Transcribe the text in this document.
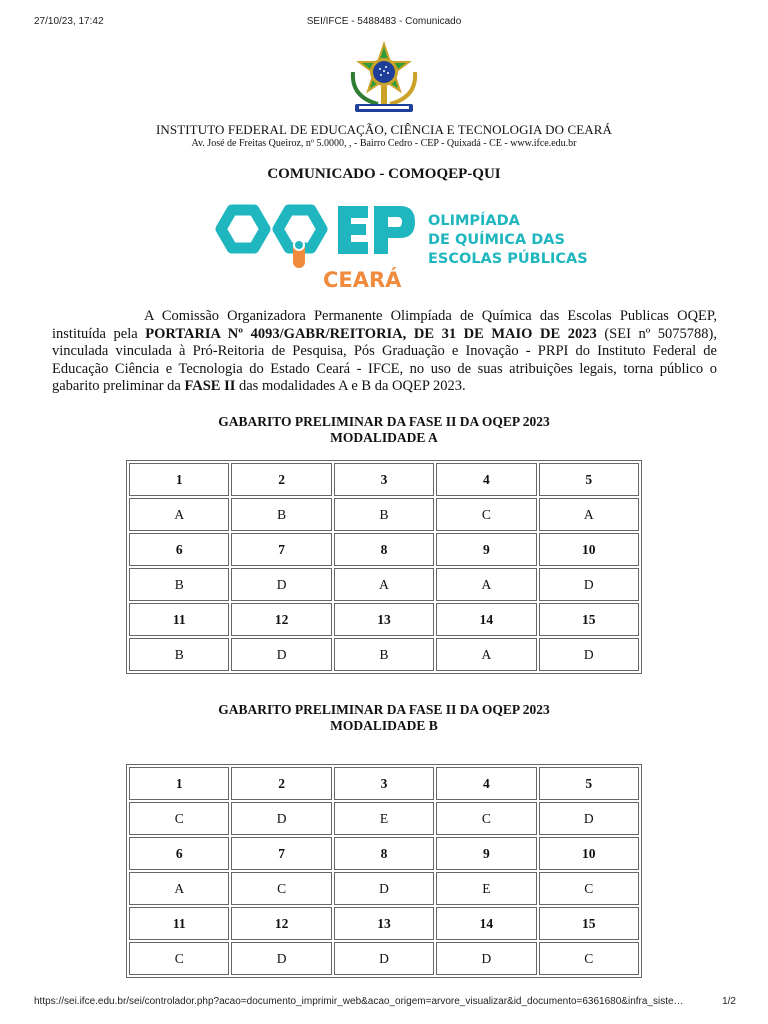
27/10/23, 17:42	SEI/IFCE - 5488483 - Comunicado
INSTITUTO FEDERAL DE EDUCAÇÃO, CIÊNCIA E TECNOLOGIA DO CEARÁ
Av. José de Freitas Queiroz, nº 5.0000, , - Bairro Cedro - CEP - Quixadá - CE - www.ifce.edu.br
COMUNICADO - COMOQEP-QUI
CEARÁ
OLIMPÍADA
DE QUÍMICA DAS
ESCOLAS PÚBLICAS
A Comissão Organizadora Permanente Olimpíada de Química das Escolas Publicas OQEP, instituída pela PORTARIA Nº 4093/GABR/REITORIA, DE 31 DE MAIO DE 2023 (SEI nº 5075788), vinculada vinculada à Pró-Reitoria de Pesquisa, Pós Graduação e Inovação - PRPI do Instituto Federal de Educação Ciência e Tecnologia do Estado Ceará - IFCE, no uso de suas atribuições legais, torna público o gabarito preliminar da FASE II das modalidades A e B da OQEP 2023.
GABARITO PRELIMINAR DA FASE II DA OQEP 2023
MODALIDADE A
1	2	3	4	5
A	B	B	C	A
6	7	8	9	10
B	D	A	A	D
11	12	13	14	15
B	D	B	A	D
GABARITO PRELIMINAR DA FASE II DA OQEP 2023
MODALIDADE B
1	2	3	4	5
C	D	E	C	D
6	7	8	9	10
A	C	D	E	C
11	12	13	14	15
C	D	D	D	C
https://sei.ifce.edu.br/sei/controlador.php?acao=documento_imprimir_web&acao_origem=arvore_visualizar&id_documento=6361680&infra_siste…	1/2
